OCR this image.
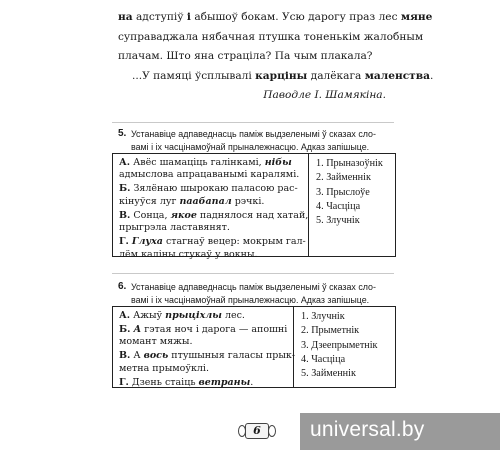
на адступіў і абышоў бокам. Усю дарогу праз лес мяне
суправаджала нябачная птушка тоненькім жалобным
плачам. Што яна страціла? Па чым плакала?
...У памяці ўсплывалі карціны далёкага маленства.
Паводле І. Шамякіна.
5. Устанавіце адпаведнасць паміж выдзеленымі ў сказах сло-
вамі і іх часцінамоўнай прыналежнасцю. Адказ запішыце.
А. Авёс шамаціць галінкамі, нібы
адмыслова апрацаванымі каралямі.
Б. Зялёнаю шырокаю паласою рас-
кінуўся луг паабапал рэчкі.
В. Сонца, якое паднялося над хатай,
прыгрэла ластавянят.
Г. Глуха стагнаў вецер: мокрым гал-
лём каліны стукаў у вокны.
1. Прыназоўнік
2. Займеннік
3. Прыслоўе
4. Часціца
5. Злучнік
6. Устанавіце адпаведнасць паміж выдзеленымі ў сказах сло-
вамі і іх часцінамоўнай прыналежнасцю. Адказ запішыце.
А. Ажыў прыціхлы лес.
Б. А гэтая ноч і дарога — апошні
момант мяжы.
В. А вось птушыныя галасы прык-
метна прымоўклі.
Г. Дзень стаіць ветраны.
1. Злучнік
2. Прыметнік
3. Дзеепрыметнік
4. Часціца
5. Займеннік
6	universal.by
